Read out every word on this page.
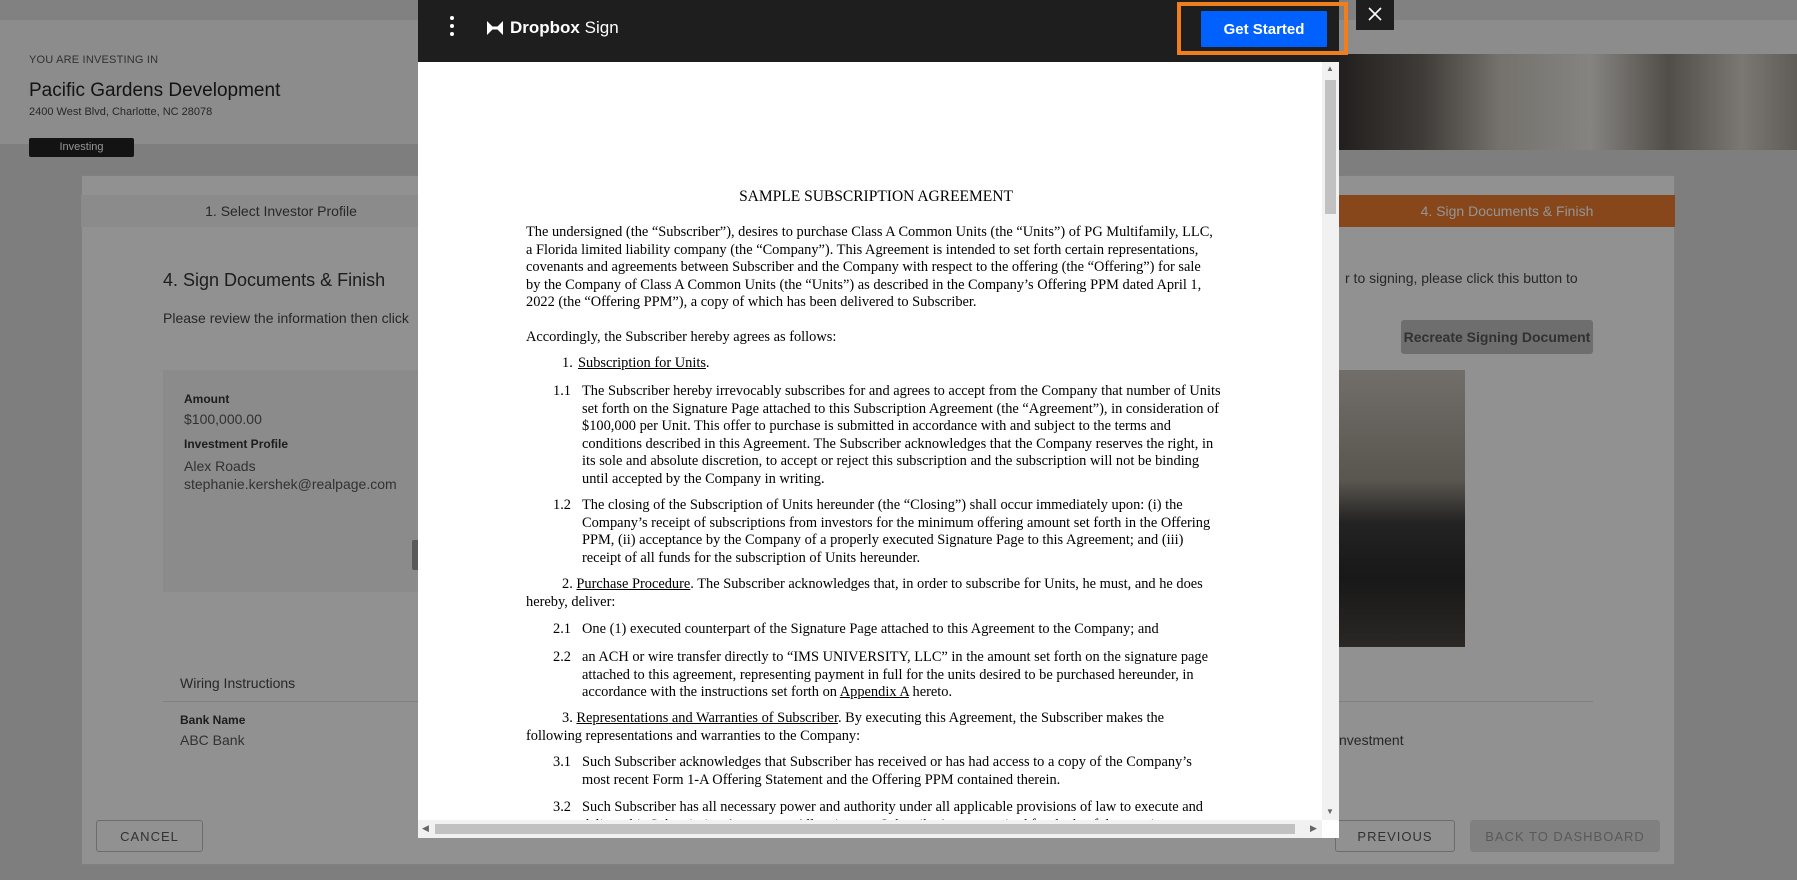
YOU ARE INVESTING IN
Pacific Gardens Development
2400 West Blvd, Charlotte, NC 28078
Investing
1. Select Investor Profile	4. Sign Documents & Finish
4. Sign Documents & Finish
Please review the information then click
r to signing, please click this button to
Recreate Signing Document
Amount
$100,000.00
Investment Profile
Alex Roads
stephanie.kershek@realpage.com
Wiring Instructions
Bank Name
ABC Bank	nvestment
CANCEL	PREVIOUS	BACK TO DASHBOARD
Dropbox Sign	Get Started
SAMPLE SUBSCRIPTION AGREEMENT
The undersigned (the “Subscriber”), desires to purchase Class A Common Units (the “Units”) of PG Multifamily, LLC, a Florida limited liability company (the “Company”). This Agreement is intended to set forth certain representations, covenants and agreements between Subscriber and the Company with respect to the offering (the “Offering”) for sale by the Company of Class A Common Units (the “Units”) as described in the Company’s Offering PPM dated April 1, 2022 (the “Offering PPM”), a copy of which has been delivered to Subscriber.
Accordingly, the Subscriber hereby agrees as follows:
1. Subscription for Units.
1.1 The Subscriber hereby irrevocably subscribes for and agrees to accept from the Company that number of Units set forth on the Signature Page attached to this Subscription Agreement (the “Agreement”), in consideration of $100,000 per Unit. This offer to purchase is submitted in accordance with and subject to the terms and conditions described in this Agreement. The Subscriber acknowledges that the Company reserves the right, in its sole and absolute discretion, to accept or reject this subscription and the subscription will not be binding until accepted by the Company in writing.
1.2 The closing of the Subscription of Units hereunder (the “Closing”) shall occur immediately upon: (i) the Company’s receipt of subscriptions from investors for the minimum offering amount set forth in the Offering PPM, (ii) acceptance by the Company of a properly executed Signature Page to this Agreement; and (iii) receipt of all funds for the subscription of Units hereunder.
2. Purchase Procedure. The Subscriber acknowledges that, in order to subscribe for Units, he must, and he does hereby, deliver:
2.1 One (1) executed counterpart of the Signature Page attached to this Agreement to the Company; and
2.2 an ACH or wire transfer directly to “IMS UNIVERSITY, LLC” in the amount set forth on the signature page attached to this agreement, representing payment in full for the units desired to be purchased hereunder, in accordance with the instructions set forth on Appendix A hereto.
3. Representations and Warranties of Subscriber. By executing this Agreement, the Subscriber makes the following representations and warranties to the Company:
3.1 Such Subscriber acknowledges that Subscriber has received or has had access to a copy of the Company’s most recent Form 1-A Offering Statement and the Offering PPM contained therein.
3.2 Such Subscriber has all necessary power and authority under all applicable provisions of law to execute and
▲
▼
◀	▶
